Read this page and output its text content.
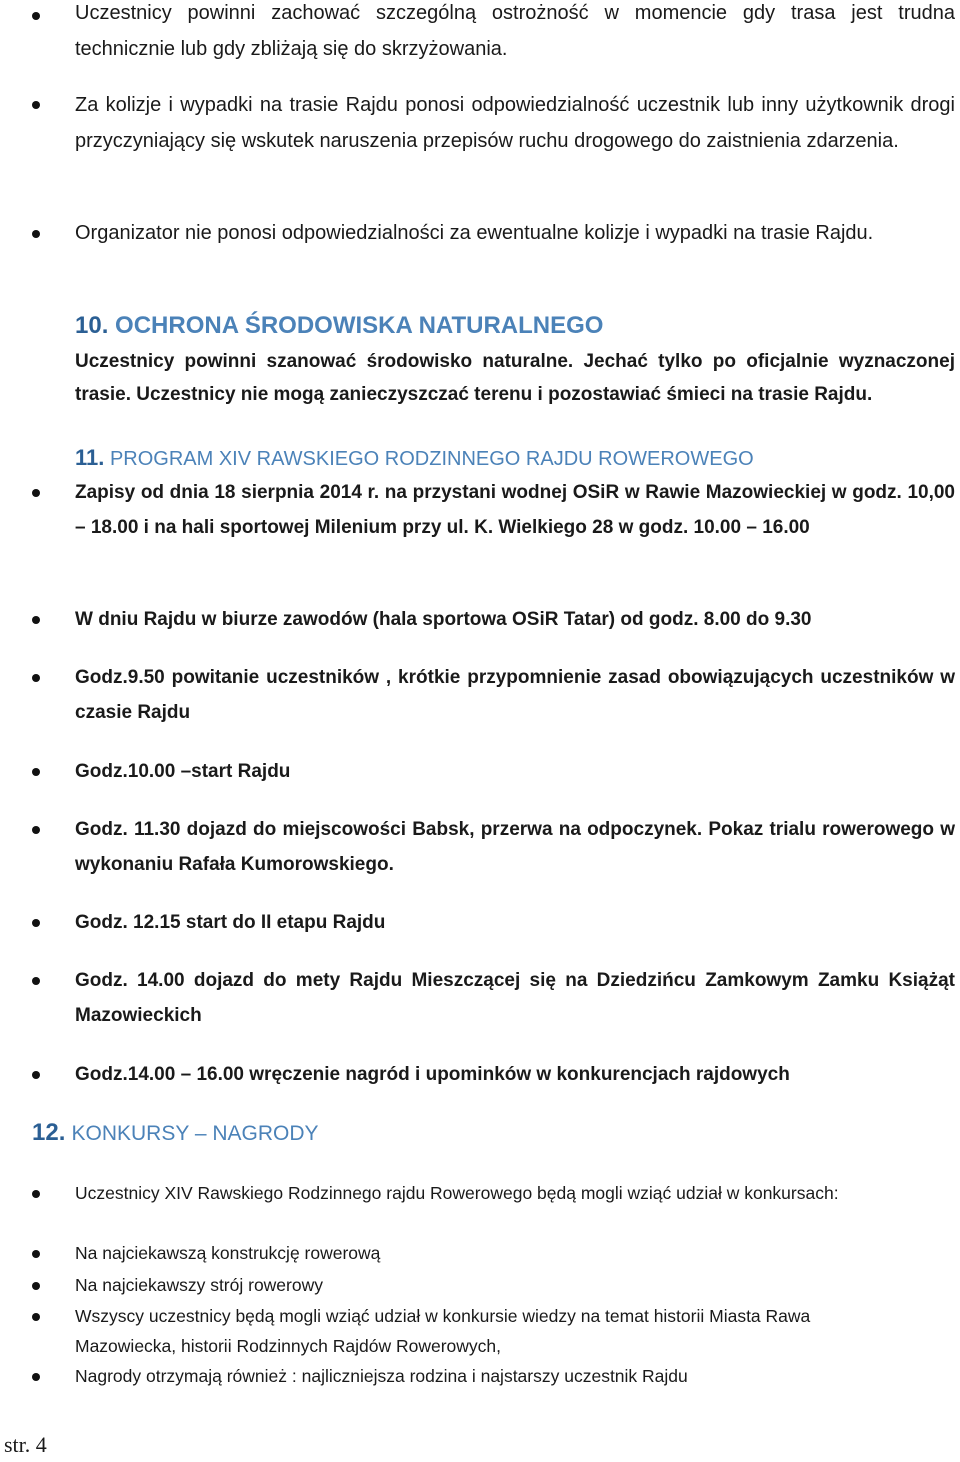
Uczestnicy powinni zachować szczególną ostrożność w momencie gdy trasa jest trudna technicznie lub gdy zbliżają się do skrzyżowania.

Za kolizje i wypadki na trasie Rajdu ponosi odpowiedzialność uczestnik lub inny użytkownik drogi przyczyniający się wskutek naruszenia przepisów ruchu drogowego do zaistnienia zdarzenia.

Organizator nie ponosi odpowiedzialności za ewentualne kolizje i wypadki na trasie Rajdu.

10. OCHRONA ŚRODOWISKA NATURALNEGO

Uczestnicy powinni szanować środowisko naturalne. Jechać tylko po oficjalnie wyznaczonej trasie. Uczestnicy nie mogą zanieczyszczać terenu i pozostawiać śmieci na trasie Rajdu.

11. PROGRAM XIV RAWSKIEGO RODZINNEGO RAJDU ROWEROWEGO

Zapisy od dnia 18 sierpnia 2014 r. na przystani wodnej OSiR w Rawie Mazowieckiej w godz. 10,00 – 18.00 i na hali sportowej Milenium przy ul. K. Wielkiego 28 w godz. 10.00 – 16.00

W dniu Rajdu w biurze zawodów (hala sportowa OSiR Tatar) od godz. 8.00 do 9.30

Godz.9.50 powitanie uczestników , krótkie przypomnienie zasad obowiązujących uczestników w czasie Rajdu

Godz.10.00 –start Rajdu

Godz. 11.30 dojazd do miejscowości Babsk, przerwa na odpoczynek. Pokaz trialu rowerowego w wykonaniu Rafała Kumorowskiego.

Godz. 12.15 start do II etapu Rajdu

Godz. 14.00 dojazd do mety Rajdu Mieszczącej się na Dziedzińcu Zamkowym Zamku Książąt Mazowieckich

Godz.14.00 – 16.00 wręczenie nagród i upominków w konkurencjach rajdowych

12. KONKURSY – NAGRODY

Uczestnicy XIV Rawskiego Rodzinnego rajdu Rowerowego będą mogli wziąć udział w konkursach:

Na najciekawszą konstrukcję rowerową

Na najciekawszy strój rowerowy

Wszyscy uczestnicy będą mogli wziąć udział w konkursie wiedzy na temat historii Miasta Rawa Mazowiecka, historii Rodzinnych Rajdów Rowerowych,

Nagrody otrzymają również : najliczniejsza rodzina i najstarszy uczestnik Rajdu

str. 4
